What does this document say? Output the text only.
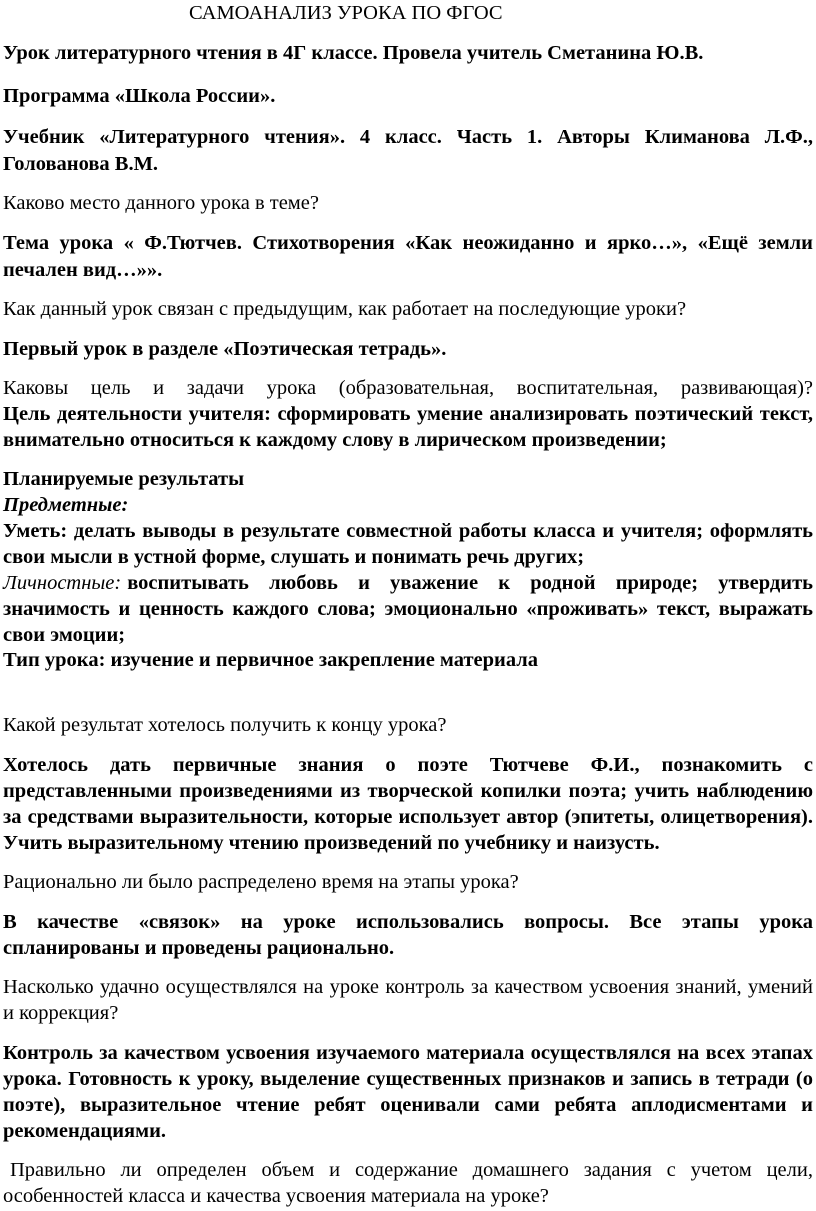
САМОАНАЛИЗ УРОКА ПО ФГОС

Урок литературного чтения в 4Г классе. Провела учитель Сметанина Ю.В.

Программа «Школа России».

Учебник «Литературного чтения». 4 класс. Часть 1. Авторы Климанова Л.Ф.,

Голованова В.М.

Каково место данного урока в теме?

Тема урока « Ф.Тютчев. Стихотворения «Как неожиданно и ярко…», «Ещё земли

печален вид…»».

Как данный урок связан с предыдущим, как работает на последующие уроки?

Первый урок в разделе «Поэтическая тетрадь».

Каковы цель и задачи урока (образовательная, воспитательная, развивающая)?

Цель деятельности учителя: сформировать умение анализировать поэтический текст,

внимательно относиться к каждому слову в лирическом произведении;

Планируемые результаты

Предметные:

Уметь: делать выводы в результате совместной работы класса и учителя; оформлять

свои мысли в устной форме, слушать и понимать речь других;

Личностные: воспитывать любовь и уважение к родной природе; утвердить

значимость и ценность каждого слова; эмоционально «проживать» текст, выражать

свои эмоции;

Тип урока: изучение и первичное закрепление материала

Какой результат хотелось получить к концу урока?

Хотелось дать первичные знания о поэте Тютчеве Ф.И., познакомить с

представленными произведениями из творческой копилки поэта; учить наблюдению

за средствами выразительности, которые использует автор (эпитеты, олицетворения).

Учить выразительному чтению произведений по учебнику и наизусть.

Рационально ли было распределено время на этапы урока?

В качестве «связок» на уроке использовались вопросы. Все этапы урока

спланированы и проведены рационально.

Насколько удачно осуществлялся на уроке контроль за качеством усвоения знаний, умений

и коррекция?

Контроль за качеством усвоения изучаемого материала осуществлялся на всех этапах

урока. Готовность к уроку, выделение существенных признаков и запись в тетради (о

поэте), выразительное чтение ребят оценивали сами ребята аплодисментами и

рекомендациями.

Правильно ли определен объем и содержание домашнего задания с учетом цели,

особенностей класса и качества усвоения материала на уроке?
